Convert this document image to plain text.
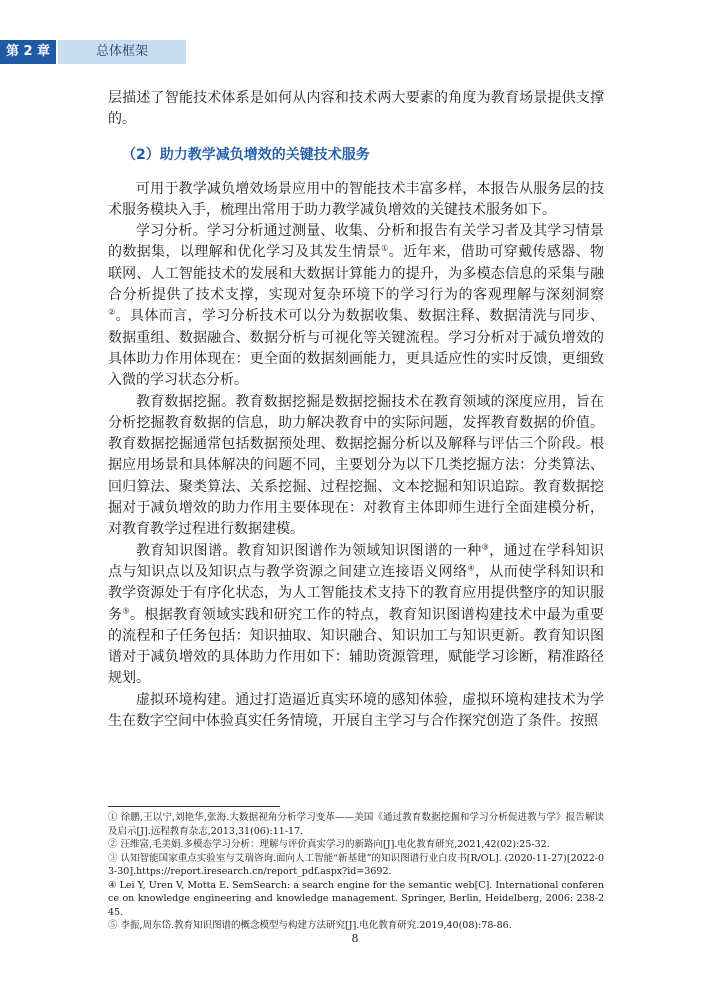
第 2 章	总体框架

层描述了智能技术体系是如何从内容和技术两大要素的角度为教育场景提供支撑的。

（2）助力教学减负增效的关键技术服务

可用于教学减负增效场景应用中的智能技术丰富多样，本报告从服务层的技术服务模块入手，梳理出常用于助力教学减负增效的关键技术服务如下。

学习分析。学习分析通过测量、收集、分析和报告有关学习者及其学习情景的数据集，以理解和优化学习及其发生情景①。近年来，借助可穿戴传感器、物联网、人工智能技术的发展和大数据计算能力的提升，为多模态信息的采集与融合分析提供了技术支撑，实现对复杂环境下的学习行为的客观理解与深刻洞察②。具体而言，学习分析技术可以分为数据收集、数据注释、数据清洗与同步、数据重组、数据融合、数据分析与可视化等关键流程。学习分析对于减负增效的具体助力作用体现在：更全面的数据刻画能力，更具适应性的实时反馈，更细致入微的学习状态分析。

教育数据挖掘。教育数据挖掘是数据挖掘技术在教育领域的深度应用，旨在分析挖掘教育数据的信息，助力解决教育中的实际问题，发挥教育数据的价值。教育数据挖掘通常包括数据预处理、数据挖掘分析以及解释与评估三个阶段。根据应用场景和具体解决的问题不同，主要划分为以下几类挖掘方法：分类算法、回归算法、聚类算法、关系挖掘、过程挖掘、文本挖掘和知识追踪。教育数据挖掘对于减负增效的助力作用主要体现在：对教育主体即师生进行全面建模分析，对教育教学过程进行数据建模。

教育知识图谱。教育知识图谱作为领域知识图谱的一种③，通过在学科知识点与知识点以及知识点与教学资源之间建立连接语义网络④，从而使学科知识和教学资源处于有序化状态，为人工智能技术支持下的教育应用提供整序的知识服务⑤。根据教育领域实践和研究工作的特点，教育知识图谱构建技术中最为重要的流程和子任务包括：知识抽取、知识融合、知识加工与知识更新。教育知识图谱对于减负增效的具体助力作用如下：辅助资源管理，赋能学习诊断，精准路径规划。

虚拟环境构建。通过打造逼近真实环境的感知体验，虚拟环境构建技术为学生在数字空间中体验真实任务情境，开展自主学习与合作探究创造了条件。按照

① 徐鹏,王以宁,刘艳华,张海.大数据视角分析学习变革——美国《通过教育数据挖掘和学习分析促进教与学》报告解读及启示[J].远程教育杂志,2013,31(06):11-17.

② 汪维富,毛美娟.多模态学习分析：理解与评价真实学习的新路向[J].电化教育研究,2021,42(02):25-32.

③ 认知智能国家重点实验室与艾瑞咨询.面向人工智能“新基建”的知识图谱行业白皮书[R/OL]. (2020-11-27)[2022-03-30].https://report.iresearch.cn/report_pdf.aspx?id=3692.

④ Lei Y, Uren V, Motta E. SemSearch: a search engine for the semantic web[C]. International conference on knowledge engineering and knowledge management. Springer, Berlin, Heidelberg, 2006: 238-245.

⑤ 李振,周东岱.教育知识图谱的概念模型与构建方法研究[J].电化教育研究.2019,40(08):78-86.

8
